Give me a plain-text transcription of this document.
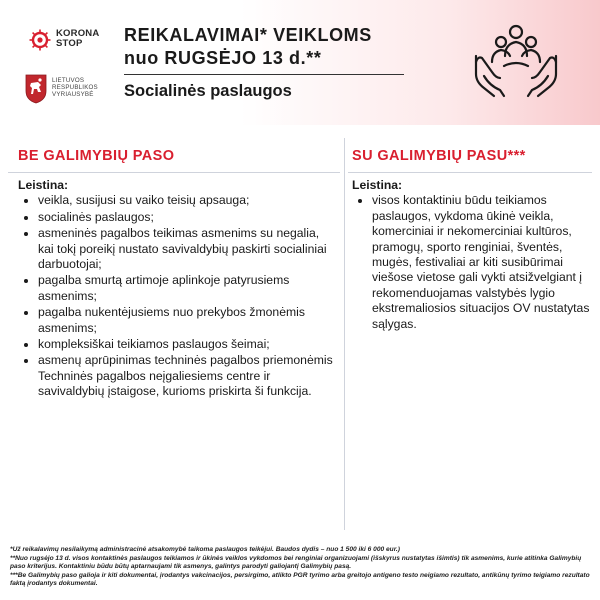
KORONA
STOP
LIETUVOS
RESPUBLIKOS
VYRIAUSYBĖ
REIKALAVIMAI* VEIKLOMS
nuo RUGSĖJO 13 d.**
Socialinės paslaugos
BE GALIMYBIŲ PASO
Leistina:
• veikla, susijusi su vaiko teisių apsauga;
• socialinės paslaugos;
• asmeninės pagalbos teikimas asmenims su negalia, kai tokį poreikį nustato savivaldybių paskirti socialiniai darbuotojai;
• pagalba smurtą artimoje aplinkoje patyrusiems asmenims;
• pagalba nukentėjusiems nuo prekybos žmonėmis asmenims;
• kompleksiškai teikiamos paslaugos šeimai;
• asmenų aprūpinimas techninės pagalbos priemonėmis Techninės pagalbos neįgaliesiems centre ir savivaldybių įstaigose, kurioms priskirta ši funkcija.
SU GALIMYBIŲ PASU***
Leistina:
• visos kontaktiniu būdu teikiamos paslaugos, vykdoma ūkinė veikla, komerciniai ir nekomerciniai kultūros, pramogų, sporto renginiai, šventės, mugės, festivaliai ar kiti susibūrimai viešose vietose gali vykti atsižvelgiant į rekomenduojamas valstybės lygio ekstremaliosios situacijos OV nustatytas sąlygas.

*Už reikalavimų nesilaikymą administracinė atsakomybė taikoma paslaugos teikėjui. Baudos dydis – nuo 1 500 iki 6 000 eur.)

**Nuo rugsėjo 13 d. visos kontaktinės paslaugos teikiamos ir ūkinės veiklos vykdomos bei renginiai organizuojami (išskyrus nustatytas išimtis) tik asmenims, kurie atitinka Galimybių paso kriterijus. Kontaktiniu būdu būtų aptarnaujami tik asmenys, galintys parodyti galiojantį Galimybių pasą.

***Be Galimybių paso galioja ir kiti dokumentai, įrodantys vakcinacijos, persirgimo, atlikto PGR tyrimo arba greitojo antigeno testo neigiamo rezultato, antikūnų tyrimo teigiamo rezultato faktą įrodantys dokumentai.
